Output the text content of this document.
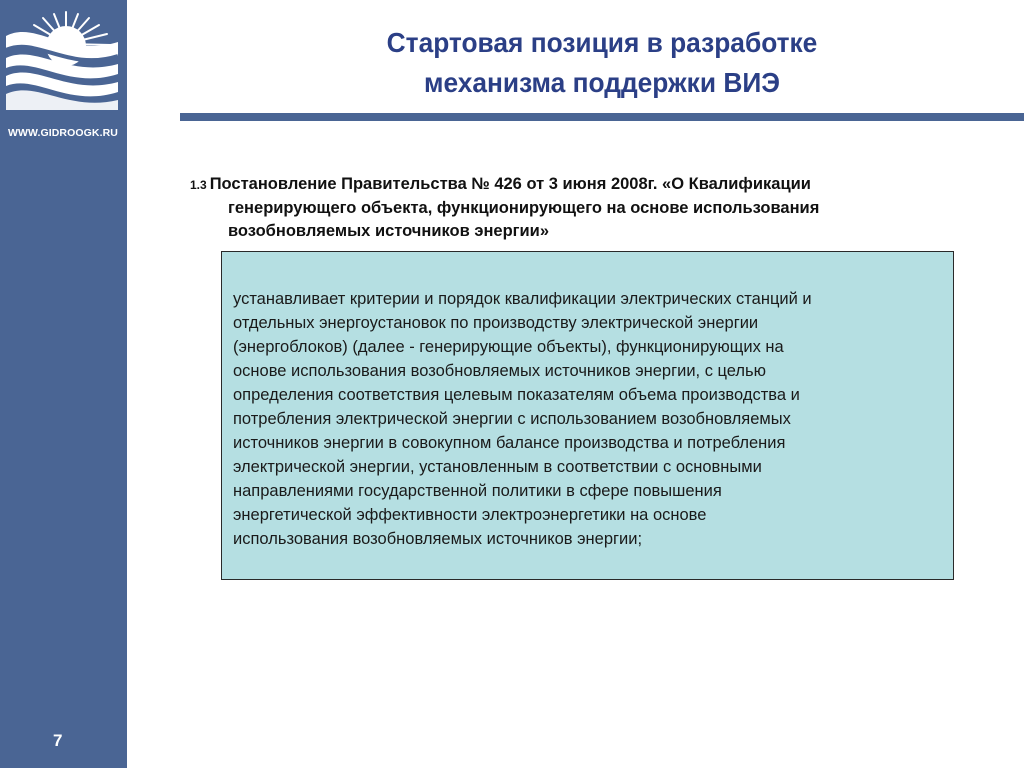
WWW.GIDROOGK.RU
7
Стартовая позиция в разработке
механизма поддержки ВИЭ
1.3 Постановление Правительства № 426 от 3 июня 2008г. «О Квалификации
генерирующего объекта, функционирующего на основе использования
возобновляемых источников энергии»
устанавливает критерии и порядок квалификации электрических станций и
отдельных энергоустановок по производству электрической энергии
(энергоблоков) (далее - генерирующие объекты), функционирующих на
основе использования возобновляемых источников энергии, с целью
определения соответствия целевым показателям объема производства и
потребления электрической энергии с использованием возобновляемых
источников энергии в совокупном балансе производства и потребления
электрической энергии, установленным в соответствии с основными
направлениями государственной политики в сфере повышения
энергетической эффективности электроэнергетики на основе
использования возобновляемых источников энергии;
